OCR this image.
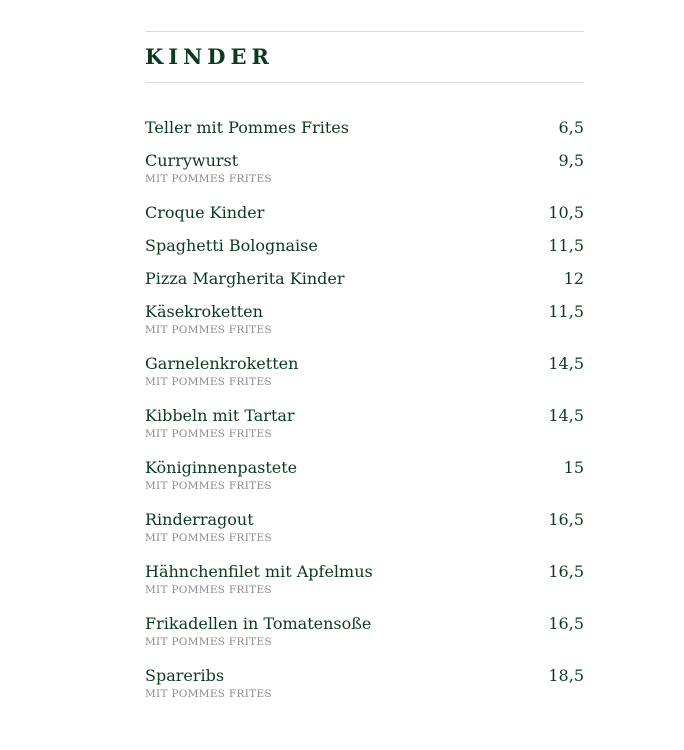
KINDER
Teller mit Pommes Frites	6,5
Currywurst	9,5
MIT POMMES FRITES
Croque Kinder	10,5
Spaghetti Bolognaise	11,5
Pizza Margherita Kinder	12
Käsekroketten	11,5
MIT POMMES FRITES
Garnelenkroketten	14,5
MIT POMMES FRITES
Kibbeln mit Tartar	14,5
MIT POMMES FRITES
Königinnenpastete	15
MIT POMMES FRITES
Rinderragout	16,5
MIT POMMES FRITES
Hähnchenfilet mit Apfelmus	16,5
MIT POMMES FRITES
Frikadellen in Tomatensoße	16,5
MIT POMMES FRITES
Spareribs	18,5
MIT POMMES FRITES
